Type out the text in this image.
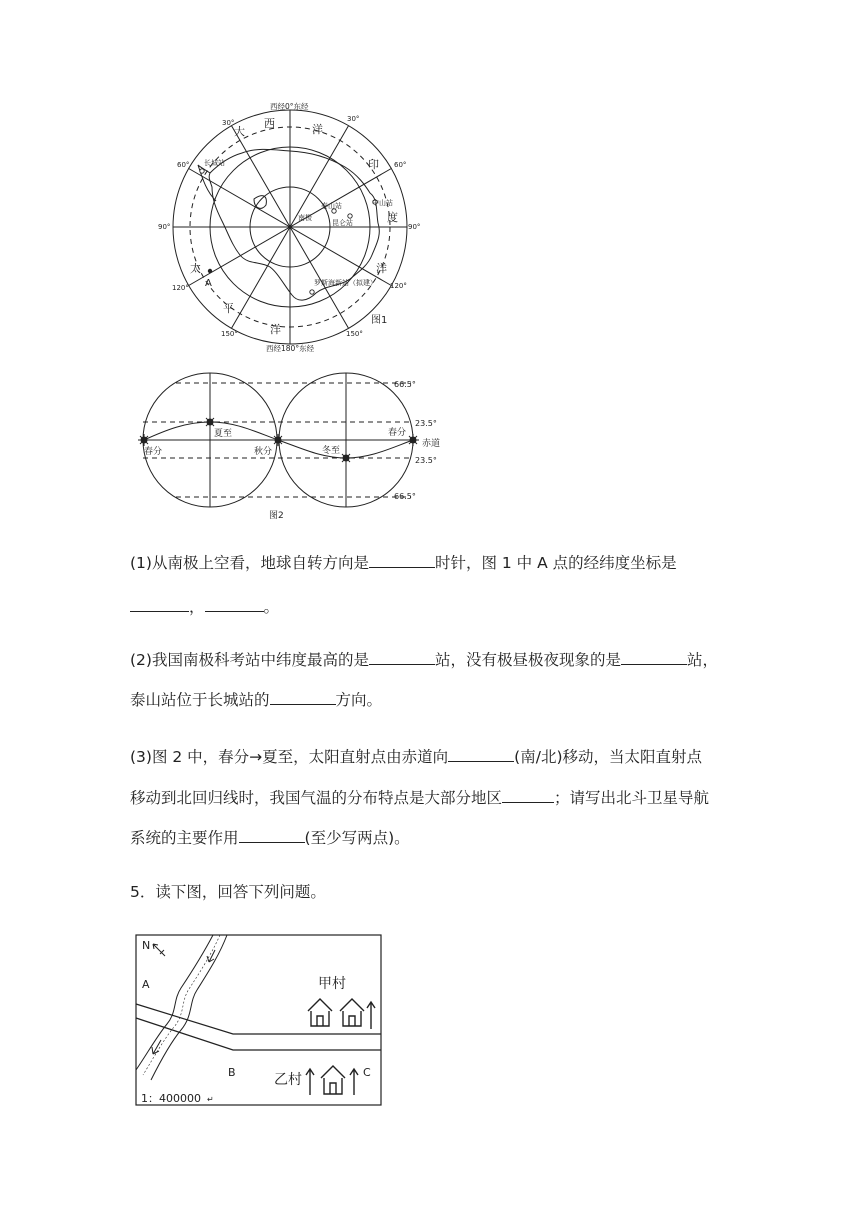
西经0°东经
西经180°东经
30°	30°
60°	60°
90°	90°
120°	120°
150°	150°
大
西	洋
印
度
洋
太
平
洋
长城站
中山站
泰山站
昆仑站
南极
罗斯海新站（拟建）
A
图1
春分
夏至
秋分	冬至
春分
赤道
66.5°
23.5°
23.5°
66.5°
图2
(1)从南极上空看，地球自转方向是	时针，图 1 中 A 点的经纬度坐标是
，	。
(2)我国南极科考站中纬度最高的是	站，没有极昼极夜现象的是	站，
泰山站位于长城站的	方向。
(3)图 2 中，春分→夏至，太阳直射点由赤道向	(南/北)移动，当太阳直射点
移动到北回归线时，我国气温的分布特点是大部分地区	；请写出北斗卫星导航
系统的主要作用	(至少写两点)。
5．读下图，回答下列问题。
N
A
B	C
甲村
乙村
1：400000 ↵
